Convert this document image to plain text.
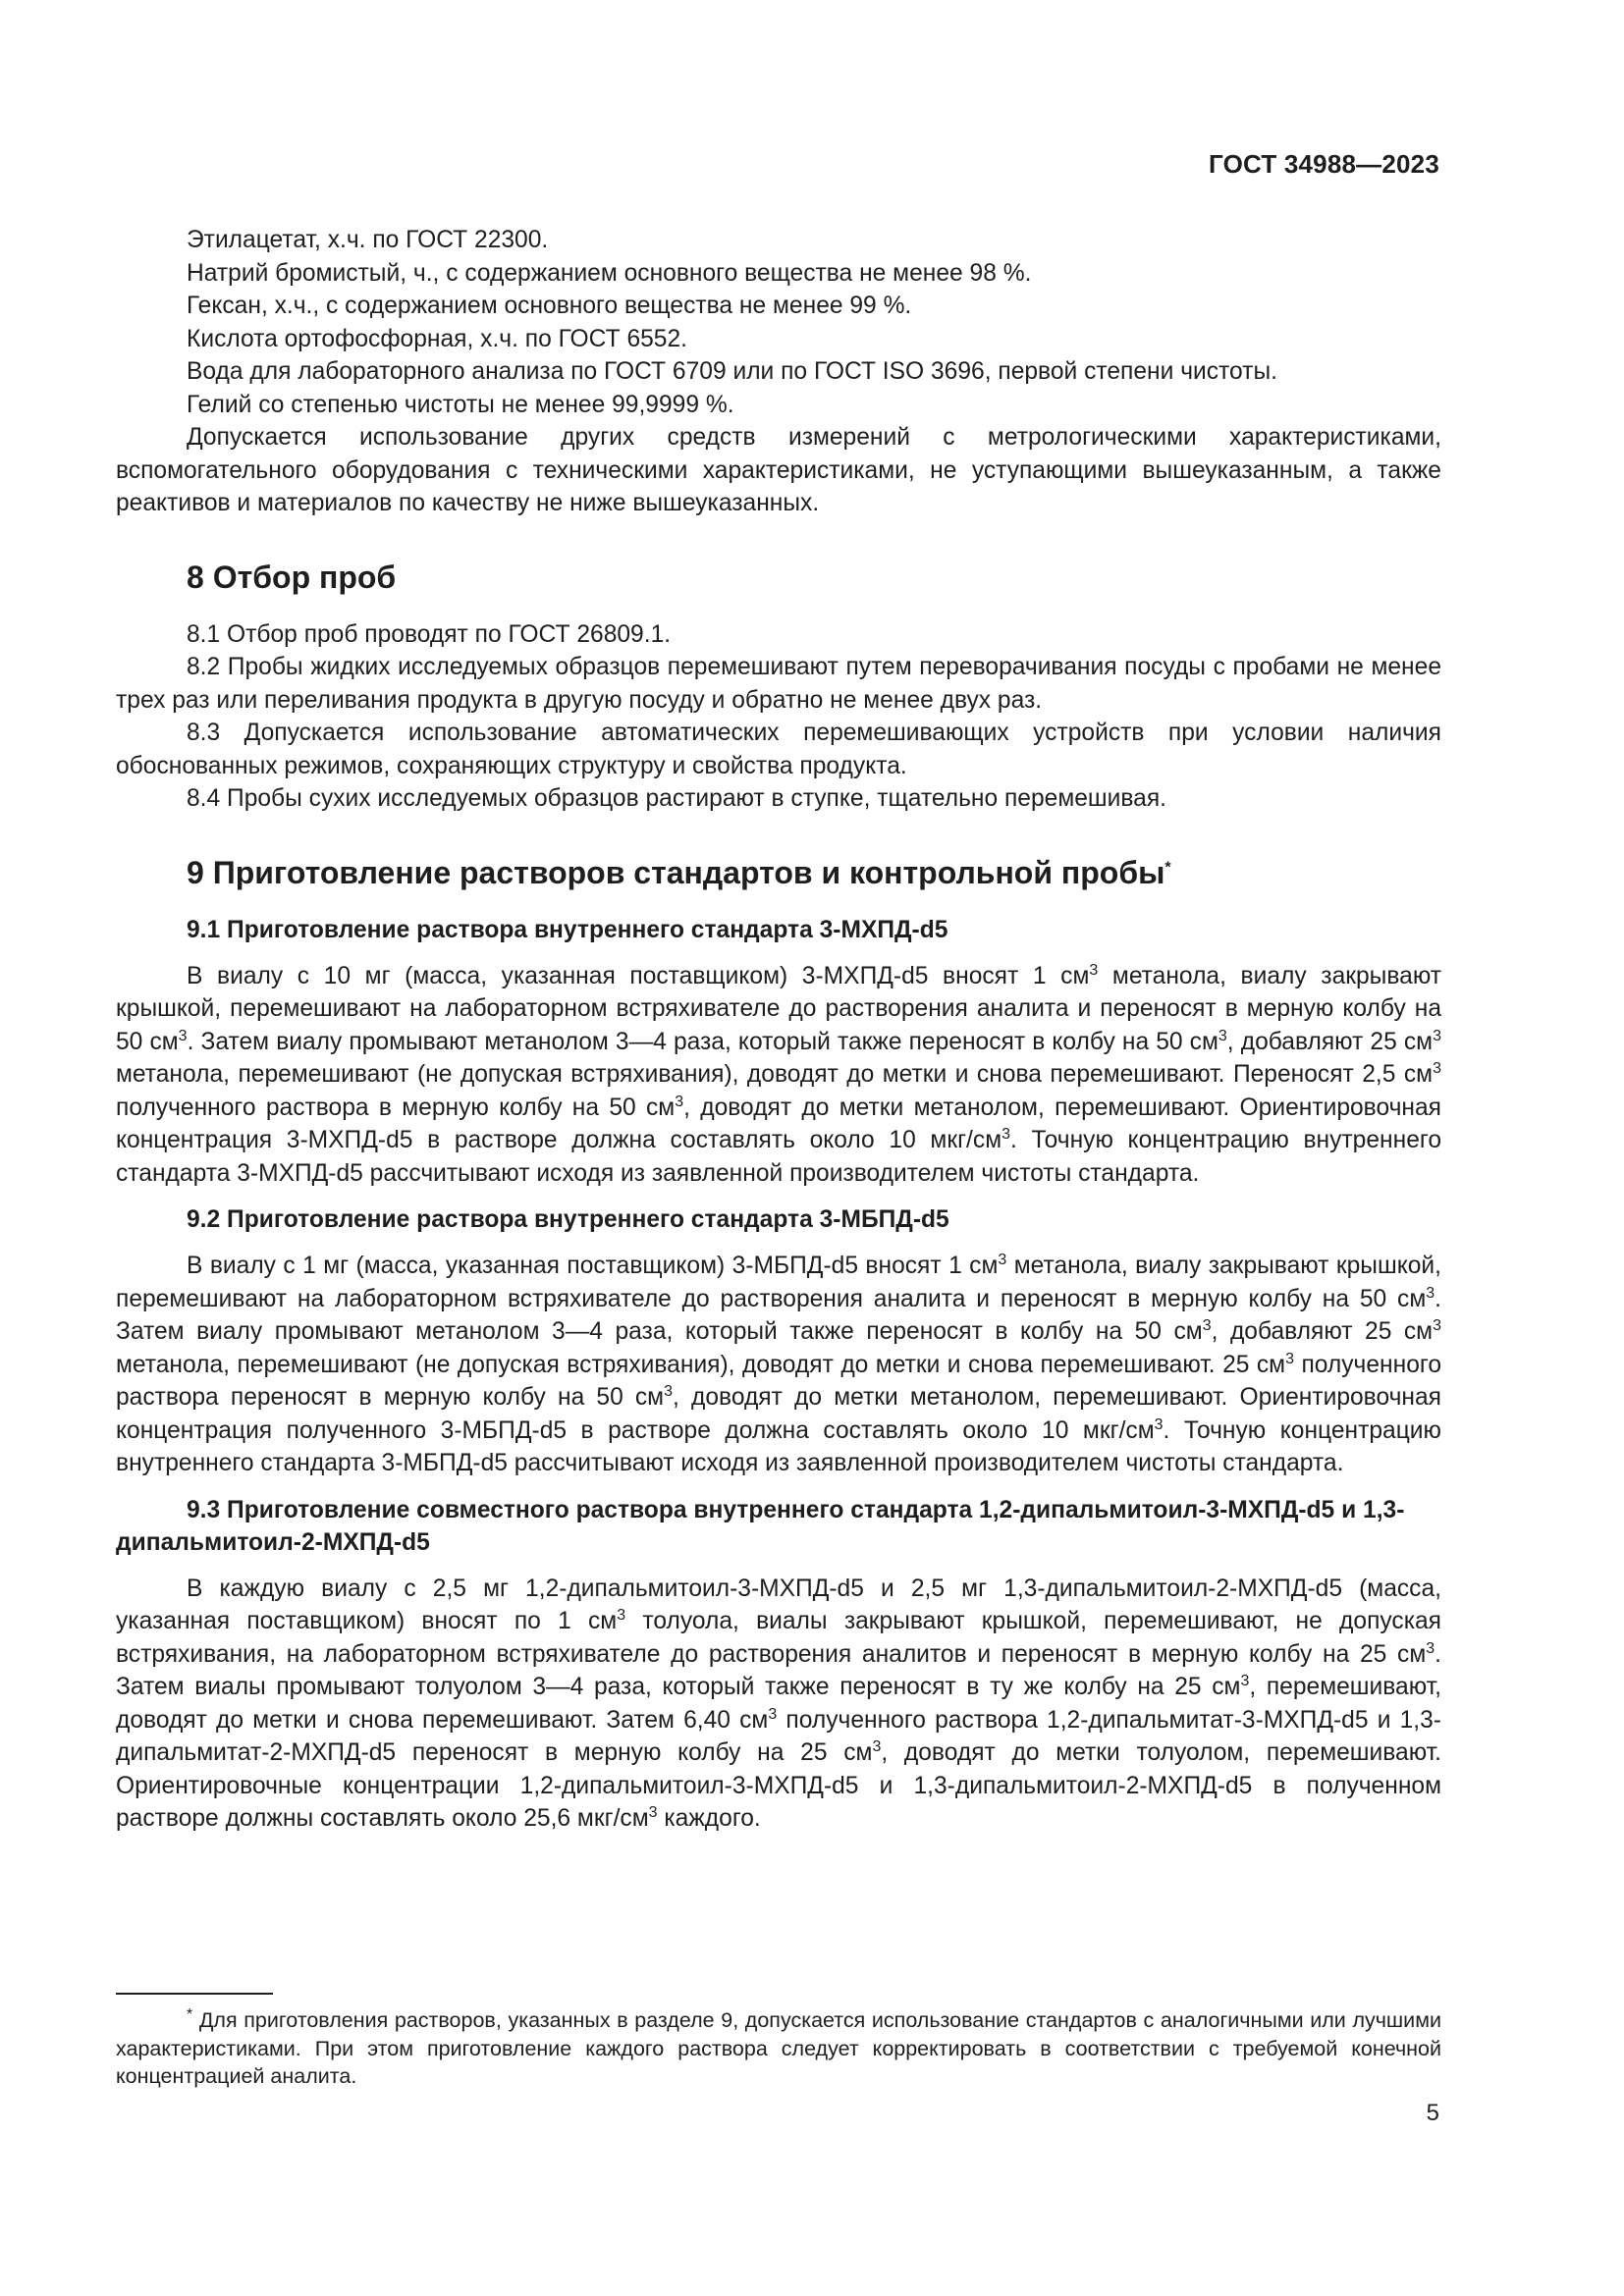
ГОСТ 34988—2023

Этилацетат, х.ч. по ГОСТ 22300.

Натрий бромистый, ч., с содержанием основного вещества не менее 98 %.

Гексан, х.ч., с содержанием основного вещества не менее 99 %.

Кислота ортофосфорная, х.ч. по ГОСТ 6552.

Вода для лабораторного анализа по ГОСТ 6709 или по ГОСТ ISO 3696, первой степени чистоты.

Гелий со степенью чистоты не менее 99,9999 %.

Допускается использование других средств измерений с метрологическими характеристиками, вспомогательного оборудования с техническими характеристиками, не уступающими вышеуказанным, а также реактивов и материалов по качеству не ниже вышеуказанных.

8 Отбор проб

8.1 Отбор проб проводят по ГОСТ 26809.1.

8.2 Пробы жидких исследуемых образцов перемешивают путем переворачивания посуды с пробами не менее трех раз или переливания продукта в другую посуду и обратно не менее двух раз.

8.3 Допускается использование автоматических перемешивающих устройств при условии наличия обоснованных режимов, сохраняющих структуру и свойства продукта.

8.4 Пробы сухих исследуемых образцов растирают в ступке, тщательно перемешивая.

9 Приготовление растворов стандартов и контрольной пробы*
9.1 Приготовление раствора внутреннего стандарта 3-МХПД-d5

В виалу с 10 мг (масса, указанная поставщиком) 3-МХПД-d5 вносят 1 $см^3$ метанола, виалу закрывают крышкой, перемешивают на лабораторном встряхивателе до растворения аналита и переносят в мерную колбу на 50 $см^3$. Затем виалу промывают метанолом 3—4 раза, который также переносят в колбу на 50 $см^3$, добавляют 25 $см^3$ метанола, перемешивают (не допуская встряхивания), доводят до метки и снова перемешивают. Переносят 2,5 $см^3$ полученного раствора в мерную колбу на 50 $см^3$, доводят до метки метанолом, перемешивают. Ориентировочная концентрация 3-МХПД-d5 в растворе должна составлять около 10 мкг/$см^3$. Точную концентрацию внутреннего стандарта 3-МХПД-d5 рассчитывают исходя из заявленной производителем чистоты стандарта.

9.2 Приготовление раствора внутреннего стандарта 3-МБПД-d5

В виалу с 1 мг (масса, указанная поставщиком) 3-МБПД-d5 вносят 1 $см^3$ метанола, виалу закрывают крышкой, перемешивают на лабораторном встряхивателе до растворения аналита и переносят в мерную колбу на 50 $см^3$. Затем виалу промывают метанолом 3—4 раза, который также переносят в колбу на 50 $см^3$, добавляют 25 $см^3$ метанола, перемешивают (не допуская встряхивания), доводят до метки и снова перемешивают. 25 $см^3$ полученного раствора переносят в мерную колбу на 50 $см^3$, доводят до метки метанолом, перемешивают. Ориентировочная концентрация полученного 3-МБПД-d5 в растворе должна составлять около 10 мкг/$см^3$. Точную концентрацию внутреннего стандарта 3-МБПД-d5 рассчитывают исходя из заявленной производителем чистоты стандарта.

9.3 Приготовление совместного раствора внутреннего стандарта 1,2-дипальмитоил-3-МХПД-d5 и 1,3-дипальмитоил-2-МХПД-d5

В каждую виалу с 2,5 мг 1,2-дипальмитоил-3-МХПД-d5 и 2,5 мг 1,3-дипальмитоил-2-МХПД-d5 (масса, указанная поставщиком) вносят по 1 $см^3$ толуола, виалы закрывают крышкой, перемешивают, не допуская встряхивания, на лабораторном встряхивателе до растворения аналитов и переносят в мерную колбу на 25 $см^3$. Затем виалы промывают толуолом 3—4 раза, который также переносят в ту же колбу на 25 $см^3$, перемешивают, доводят до метки и снова перемешивают. Затем 6,40 $см^3$ полученного раствора 1,2-дипальмитат-3-МХПД-d5 и 1,3-дипальмитат-2-МХПД-d5 переносят в мерную колбу на 25 $см^3$, доводят до метки толуолом, перемешивают. Ориентировочные концентрации 1,2-дипальмитоил-3-МХПД-d5 и 1,3-дипальмитоил-2-МХПД-d5 в полученном растворе должны составлять около 25,6 мкг/$см^3$ каждого.

* Для приготовления растворов, указанных в разделе 9, допускается использование стандартов с аналогичными или лучшими характеристиками. При этом приготовление каждого раствора следует корректировать в соответствии с требуемой конечной концентрацией аналита.

5
